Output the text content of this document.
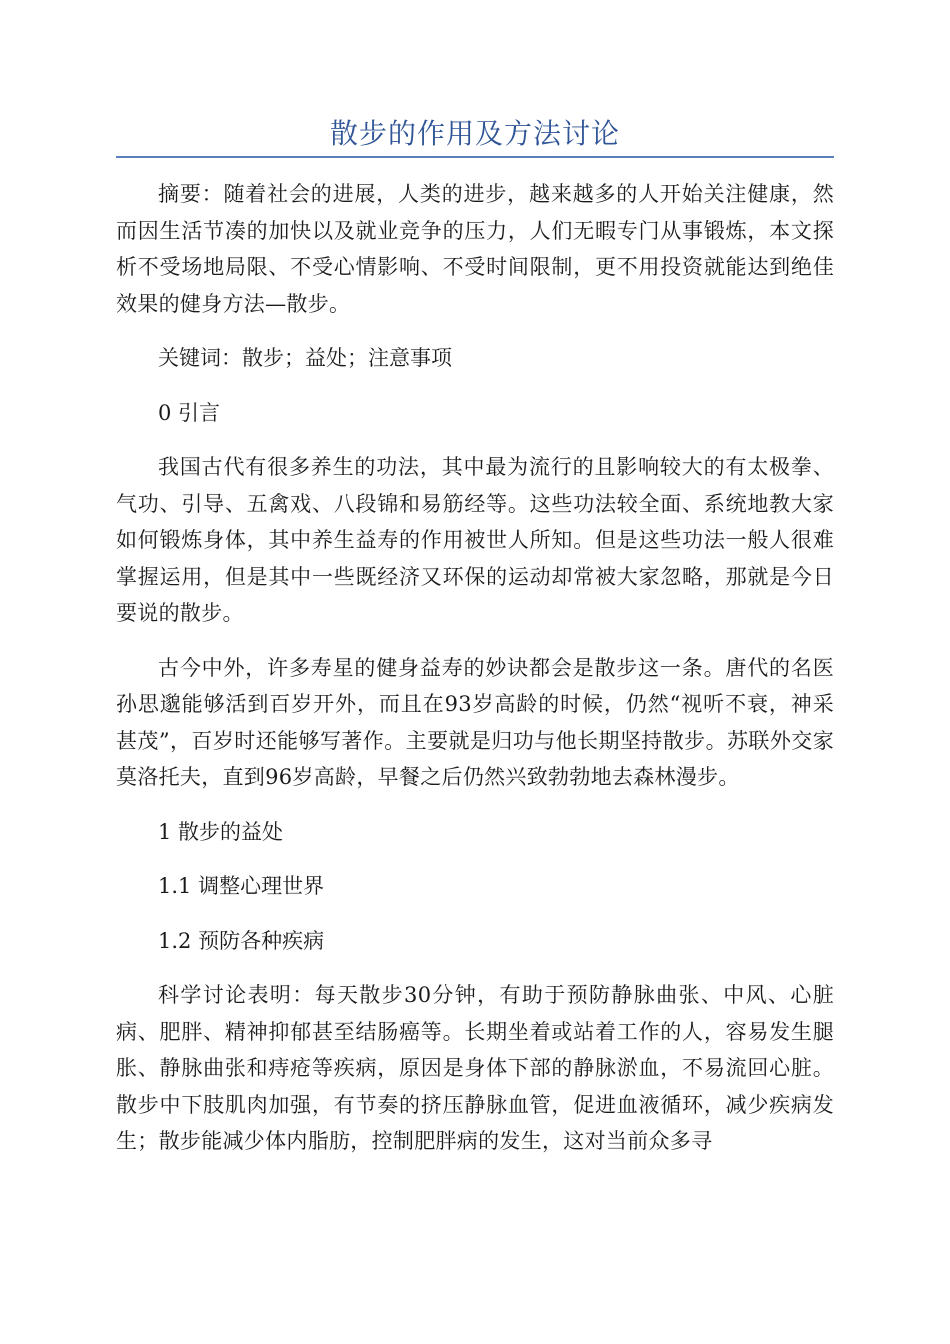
散步的作用及方法讨论

摘要：随着社会的进展，人类的进步，越来越多的人开始关注健康，然而因生活节凑的加快以及就业竞争的压力，人们无暇专门从事锻炼，本文探析不受场地局限、不受心情影响、不受时间限制，更不用投资就能达到绝佳效果的健身方法—散步。

关键词：散步；益处；注意事项

0 引言

我国古代有很多养生的功法，其中最为流行的且影响较大的有太极拳、气功、引导、五禽戏、八段锦和易筋经等。这些功法较全面、系统地教大家如何锻炼身体，其中养生益寿的作用被世人所知。但是这些功法一般人很难掌握运用，但是其中一些既经济又环保的运动却常被大家忽略，那就是今日要说的散步。

古今中外，许多寿星的健身益寿的妙诀都会是散步这一条。唐代的名医孙思邈能够活到百岁开外，而且在93岁高龄的时候，仍然“视听不衰，神采甚茂”，百岁时还能够写著作。主要就是归功与他长期坚持散步。苏联外交家莫洛托夫，直到96岁高龄，早餐之后仍然兴致勃勃地去森林漫步。

1 散步的益处

1.1 调整心理世界

1.2 预防各种疾病

科学讨论表明：每天散步30分钟，有助于预防静脉曲张、中风、心脏病、肥胖、精神抑郁甚至结肠癌等。长期坐着或站着工作的人，容易发生腿胀、静脉曲张和痔疮等疾病，原因是身体下部的静脉淤血，不易流回心脏。散步中下肢肌肉加强，有节奏的挤压静脉血管，促进血液循环，减少疾病发生；散步能减少体内脂肪，控制肥胖病的发生，这对当前众多寻
